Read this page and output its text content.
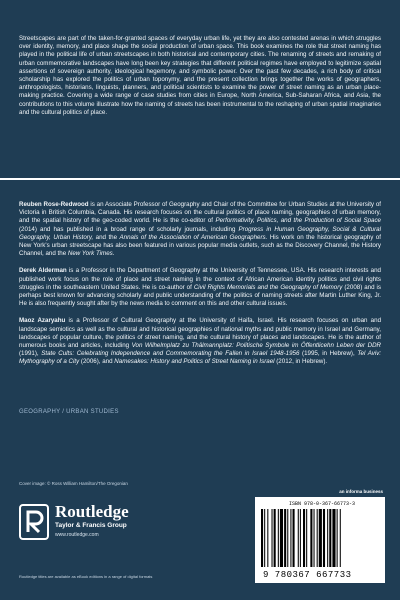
Streetscapes are part of the taken-for-granted spaces of everyday urban life, yet they are also contested arenas in which struggles over identity, memory, and place shape the social production of urban space. This book examines the role that street naming has played in the political life of urban streetscapes in both historical and contemporary cities. The renaming of streets and remaking of urban commemorative landscapes have long been key strategies that different political regimes have employed to legitimize spatial assertions of sovereign authority, ideological hegemony, and symbolic power. Over the past few decades, a rich body of critical scholarship has explored the politics of urban toponymy, and the present collection brings together the works of geographers, anthropologists, historians, linguists, planners, and political scientists to examine the power of street naming as an urban place-making practice. Covering a wide range of case studies from cities in Europe, North America, Sub-Saharan Africa, and Asia, the contributions to this volume illustrate how the naming of streets has been instrumental to the reshaping of urban spatial imaginaries and the cultural politics of place.

Reuben Rose-Redwood is an Associate Professor of Geography and Chair of the Committee for Urban Studies at the University of Victoria in British Columbia, Canada. His research focuses on the cultural politics of place naming, geographies of urban memory, and the spatial history of the geo-coded world. He is the co-editor of Performativity, Politics, and the Production of Social Space (2014) and has published in a broad range of scholarly journals, including Progress in Human Geography, Social & Cultural Geography, Urban History, and the Annals of the Association of American Geographers. His work on the historical geography of New York's urban streetscape has also been featured in various popular media outlets, such as the Discovery Channel, the History Channel, and the New York Times.

Derek Alderman is a Professor in the Department of Geography at the University of Tennessee, USA. His research interests and published work focus on the role of place and street naming in the context of African American identity politics and civil rights struggles in the southeastern United States. He is co-author of Civil Rights Memorials and the Geography of Memory (2008) and is perhaps best known for advancing scholarly and public understanding of the politics of naming streets after Martin Luther King, Jr. He is also frequently sought after by the news media to comment on this and other cultural issues.

Maoz Azaryahu is a Professor of Cultural Geography at the University of Haifa, Israel. His research focuses on urban and landscape semiotics as well as the cultural and historical geographies of national myths and public memory in Israel and Germany, landscapes of popular culture, the politics of street naming, and the cultural history of places and landscapes. He is the author of numerous books and articles, including Von Wilhelmplatz zu Thälmannplatz: Politische Symbole im Öffentlicehn Leben der DDR (1991), State Cults: Celebrating Independence and Commemorating the Fallen in Israel 1948-1956 (1995, in Hebrew), Tel Aviv: Mythography of a City (2006), and Namesakes: History and Politics of Street Naming in Israel (2012, in Hebrew).

GEOGRAPHY / URBAN STUDIES
Cover image: © Ross William Hamilton/The Oregonian
Routledge
Taylor & Francis Group
www.routledge.com
Routledge titles are available as eBook editions in a range of digital formats
an informa business
ISBN 978-0-367-66773-3
9 780367 667733
